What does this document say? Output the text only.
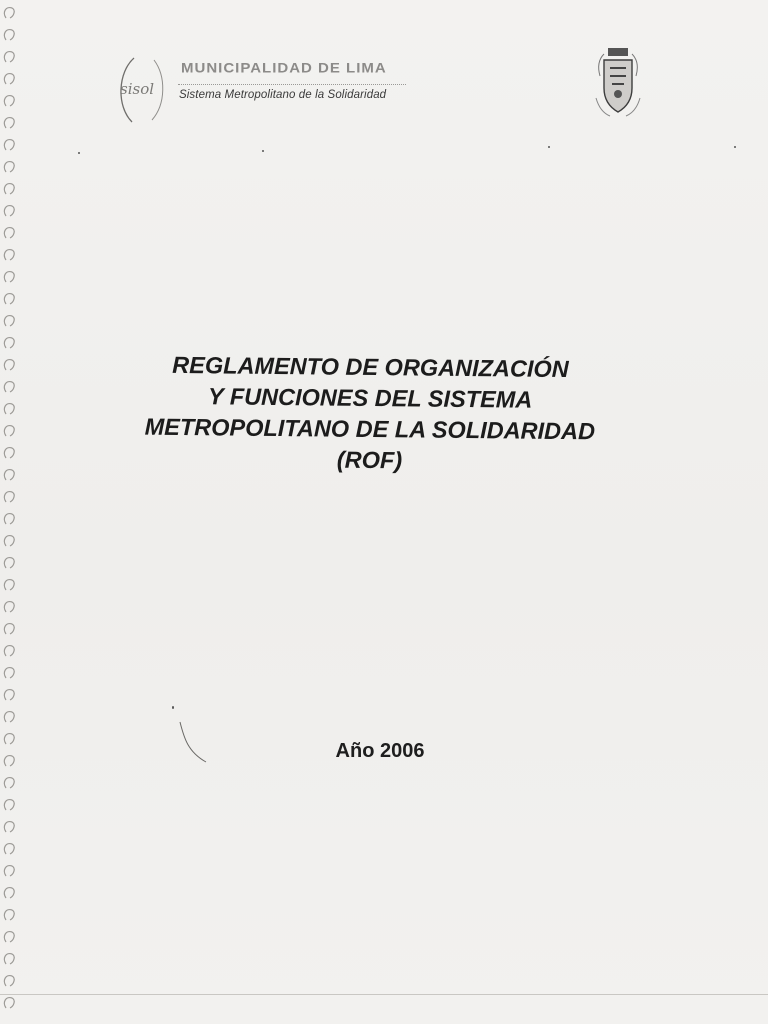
sisol
MUNICIPALIDAD DE LIMA
Sistema Metropolitano de la Solidaridad
REGLAMENTO DE ORGANIZACIÓN
Y FUNCIONES DEL SISTEMA
METROPOLITANO DE LA SOLIDARIDAD
(ROF)
Año 2006
